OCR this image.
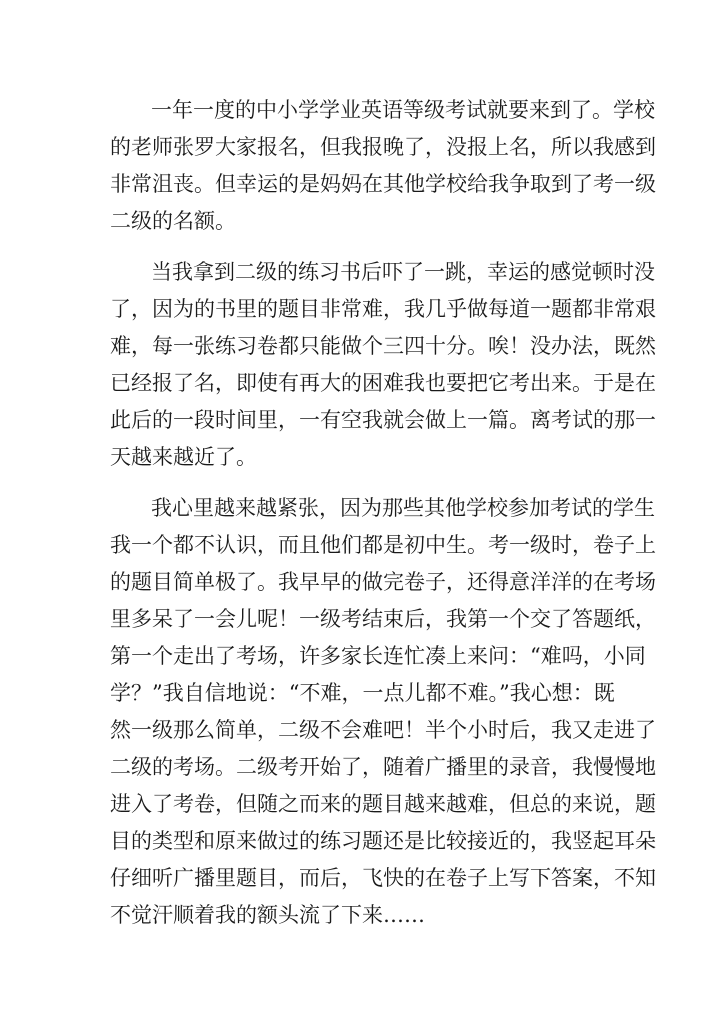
一年一度的中小学学业英语等级考试就要来到了。学校
的老师张罗大家报名，但我报晚了，没报上名，所以我感到
非常沮丧。但幸运的是妈妈在其他学校给我争取到了考一级
二级的名额。
当我拿到二级的练习书后吓了一跳，幸运的感觉顿时没
了，因为的书里的题目非常难，我几乎做每道一题都非常艰
难，每一张练习卷都只能做个三四十分。唉！没办法，既然
已经报了名，即使有再大的困难我也要把它考出来。于是在
此后的一段时间里，一有空我就会做上一篇。离考试的那一
天越来越近了。
我心里越来越紧张，因为那些其他学校参加考试的学生
我一个都不认识，而且他们都是初中生。考一级时，卷子上
的题目简单极了。我早早的做完卷子，还得意洋洋的在考场
里多呆了一会儿呢！一级考结束后，我第一个交了答题纸，
第一个走出了考场，许多家长连忙凑上来问：“难吗，小同
学？”我自信地说：“不难，一点儿都不难。”我心想：既
然一级那么简单，二级不会难吧！半个小时后，我又走进了
二级的考场。二级考开始了，随着广播里的录音，我慢慢地
进入了考卷，但随之而来的题目越来越难，但总的来说，题
目的类型和原来做过的练习题还是比较接近的，我竖起耳朵
仔细听广播里题目，而后，飞快的在卷子上写下答案，不知
不觉汗顺着我的额头流了下来……
